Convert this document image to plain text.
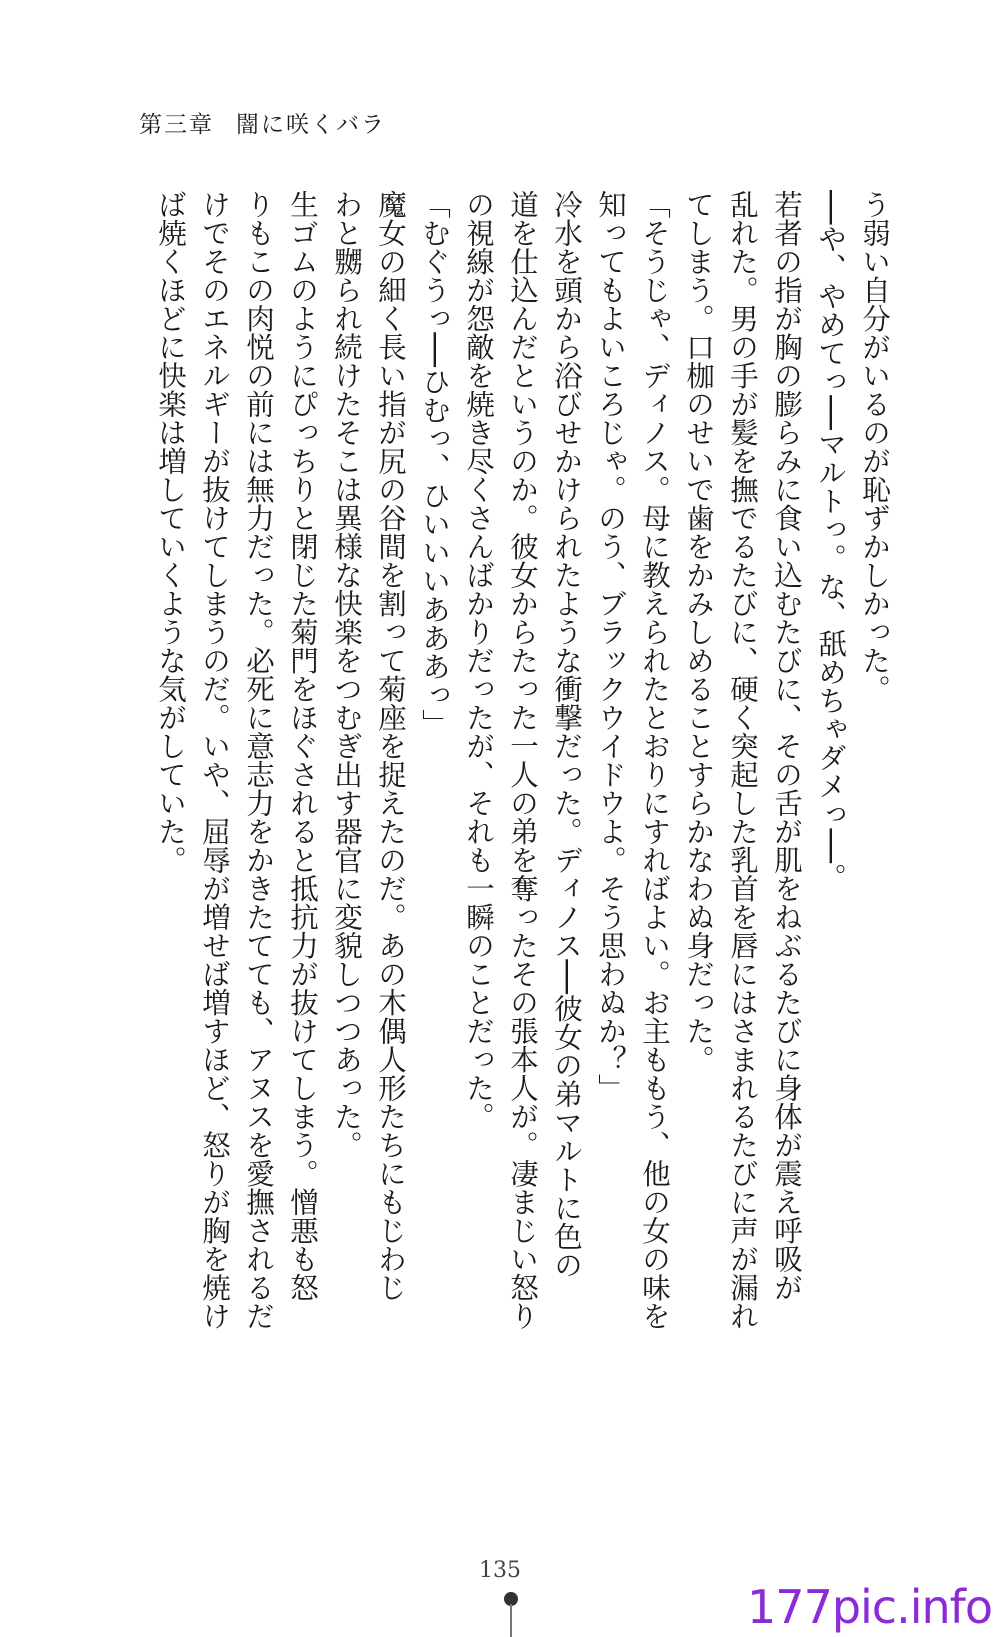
第三章 闇に咲くバラ
う弱い自分がいるのが恥ずかしかった。
──や、やめてっ──マルトっ。な、舐めちゃダメっ──。
若者の指が胸の膨らみに食い込むたびに、その舌が肌をねぶるたびに身体が震え呼吸が
乱れた。男の手が髪を撫でるたびに、硬く突起した乳首を唇にはさまれるたびに声が漏れ
てしまう。口枷のせいで歯をかみしめることすらかなわぬ身だった。
「そうじゃ、ディノス。母に教えられたとおりにすればよい。お主ももう、他の女の味を
知ってもよいころじゃ。のう、ブラックウイドウよ。そう思わぬか？」
冷水を頭から浴びせかけられたような衝撃だった。ディノス──彼女の弟マルトに色の
道を仕込んだというのか。彼女からたった一人の弟を奪ったその張本人が。凄まじい怒り
の視線が怨敵を焼き尽くさんばかりだったが、それも一瞬のことだった。
「むぐうっ──ひむっ、ひいいいあああっ」
魔女の細く長い指が尻の谷間を割って菊座を捉えたのだ。あの木偶人形たちにもじわじ
わと嬲られ続けたそこは異様な快楽をつむぎ出す器官に変貌しつつあった。
生ゴムのようにぴっちりと閉じた菊門をほぐされると抵抗力が抜けてしまう。憎悪も怒
りもこの肉悦の前には無力だった。必死に意志力をかきたてても、アヌスを愛撫されるだ
けでそのエネルギーが抜けてしまうのだ。いや、屈辱が増せば増すほど、怒りが胸を焼け
ば焼くほどに快楽は増していくような気がしていた。
135
177pic.info
